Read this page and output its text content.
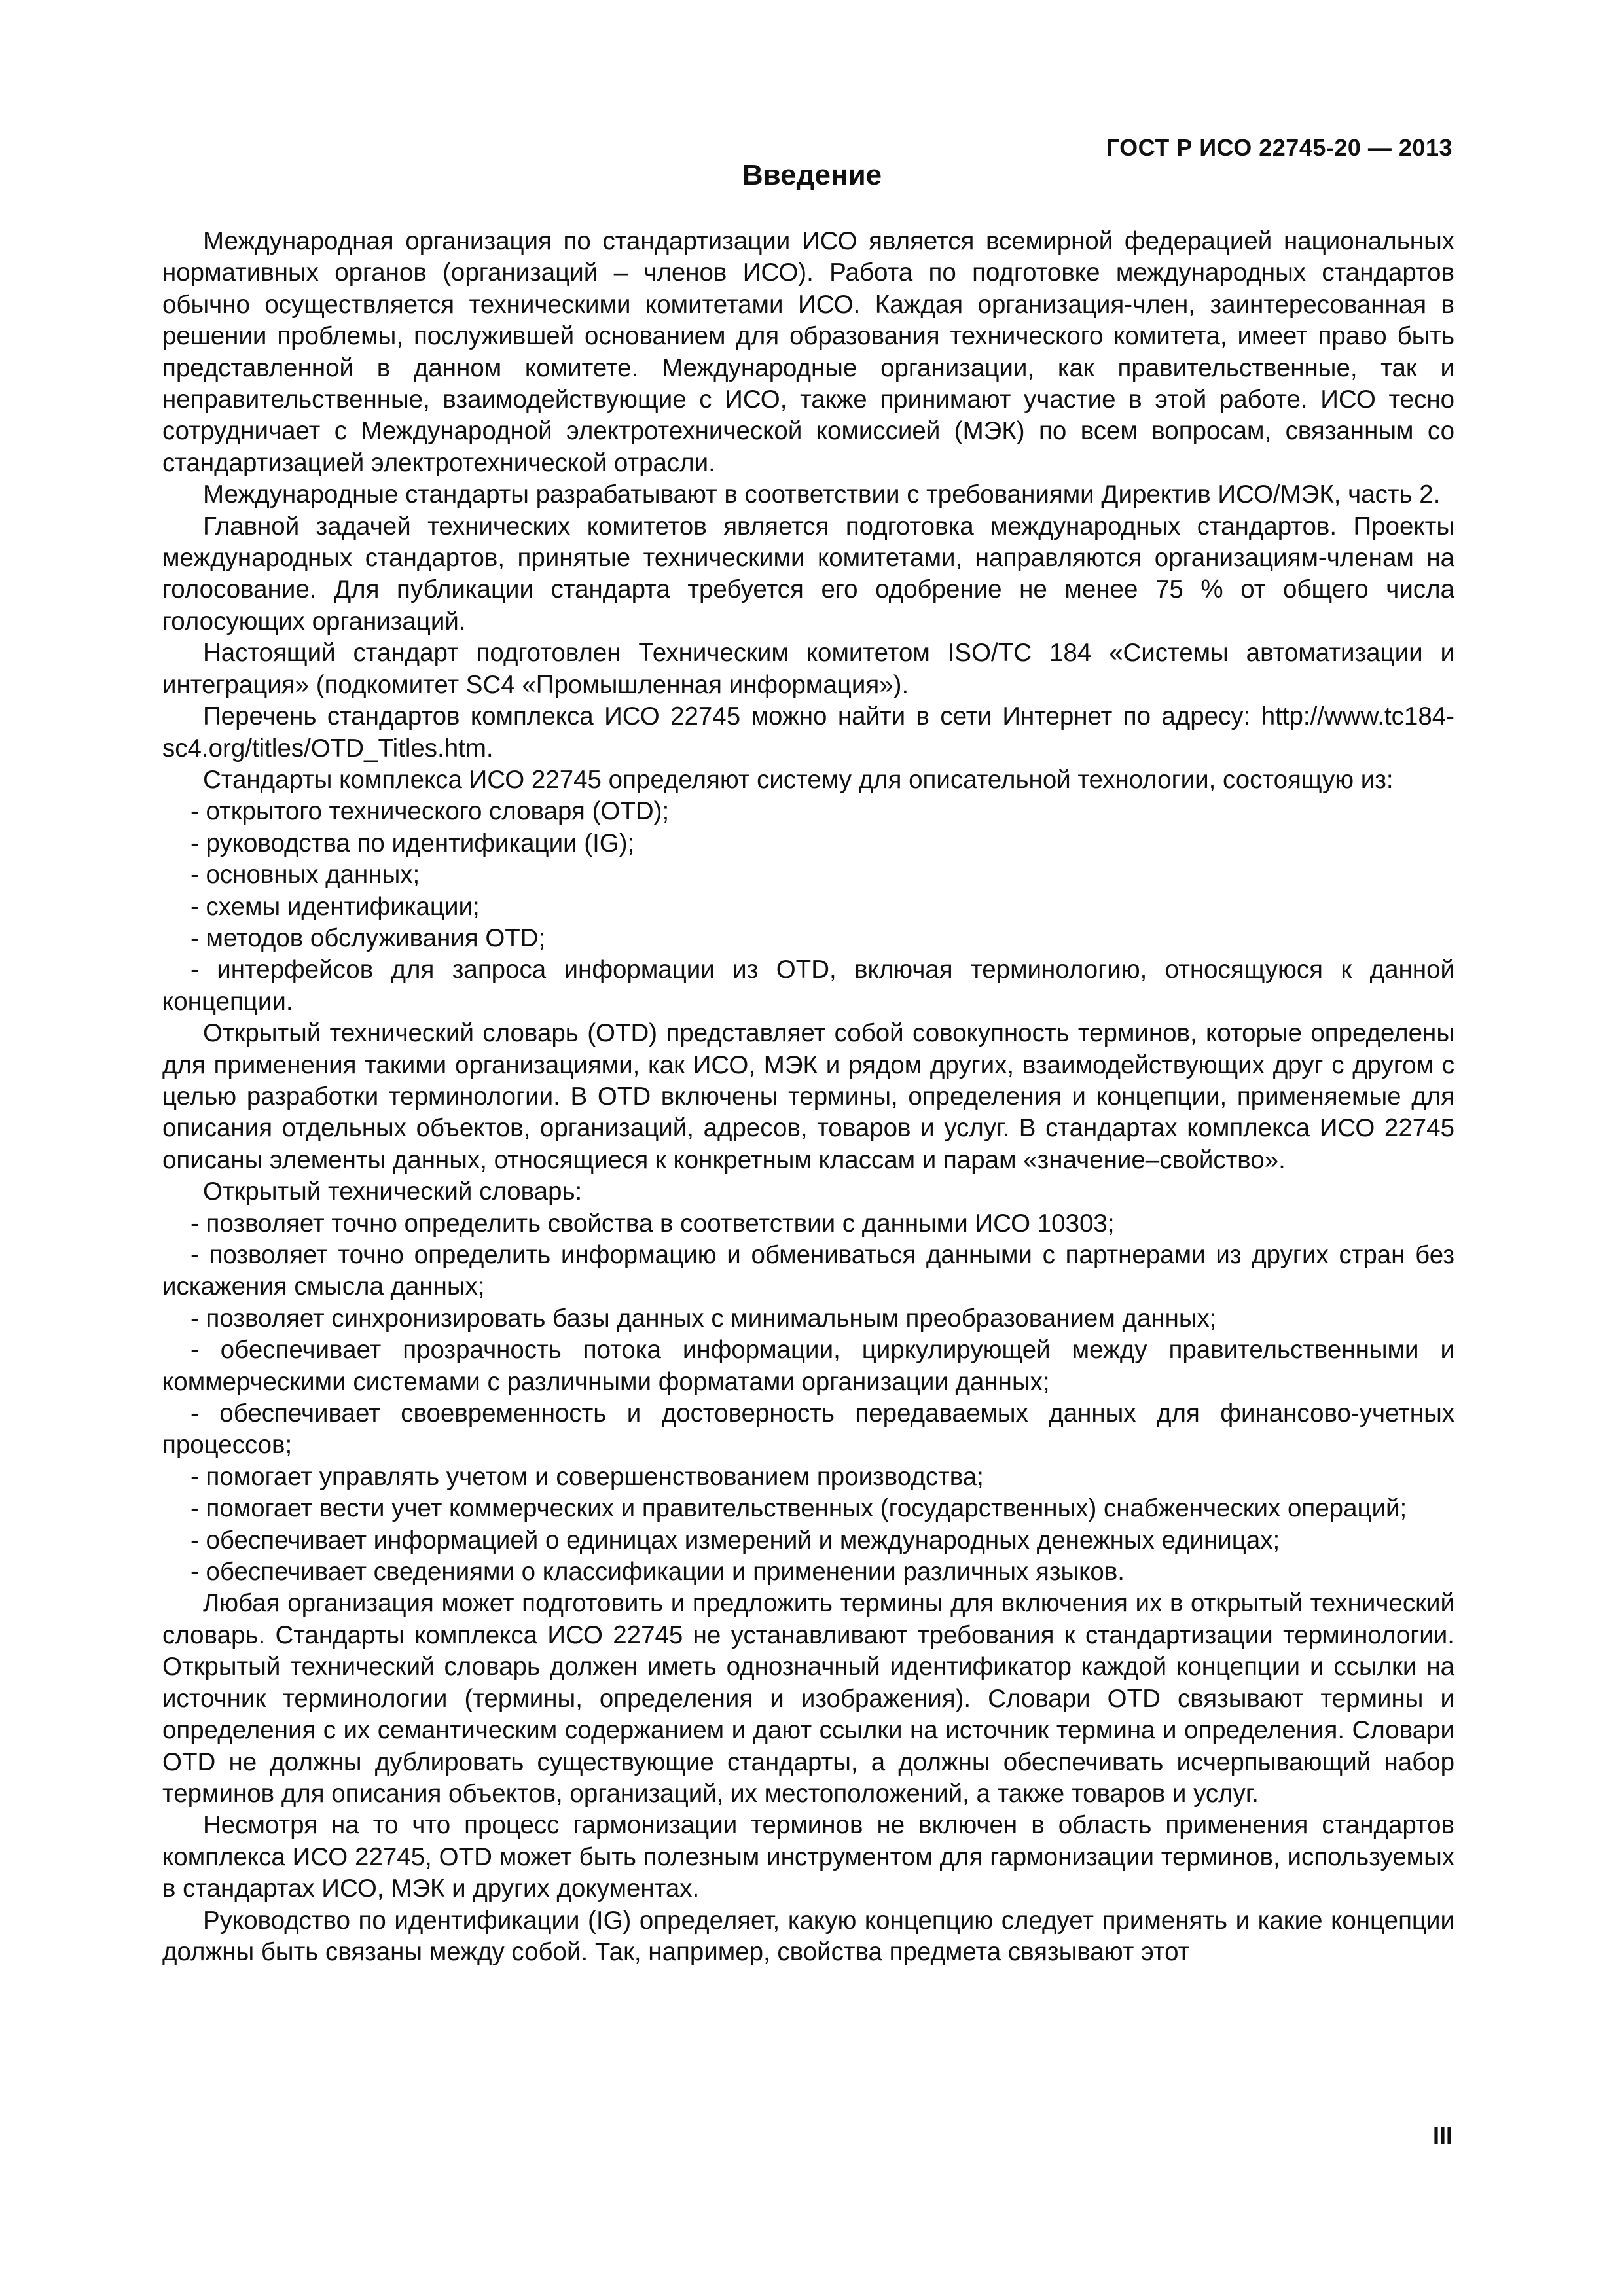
ГОСТ Р ИСО 22745-20 — 2013
Введение

Международная организация по стандартизации ИСО является всемирной федерацией национальных нормативных органов (организаций – членов ИСО). Работа по подготовке международных стандартов обычно осуществляется техническими комитетами ИСО. Каждая организация-член, заинтересованная в решении проблемы, послужившей основанием для образования технического комитета, имеет право быть представленной в данном комитете. Международные организации, как правительственные, так и неправительственные, взаимодействующие с ИСО, также принимают участие в этой работе. ИСО тесно сотрудничает с Международной электротехнической комиссией (МЭК) по всем вопросам, связанным со стандартизацией электротехнической отрасли.

Международные стандарты разрабатывают в соответствии с требованиями Директив ИСО/МЭК, часть 2.

Главной задачей технических комитетов является подготовка международных стандартов. Проекты международных стандартов, принятые техническими комитетами, направляются организациям-членам на голосование. Для публикации стандарта требуется его одобрение не менее 75 % от общего числа голосующих организаций.

Настоящий стандарт подготовлен Техническим комитетом ISO/TC 184 «Системы автоматизации и интеграция» (подкомитет SC4 «Промышленная информация»).

Перечень стандартов комплекса ИСО 22745 можно найти в сети Интернет по адресу: http://www.tc184-sc4.org/titles/OTD_Titles.htm.

Стандарты комплекса ИСО 22745 определяют систему для описательной технологии, состоящую из:

- открытого технического словаря (OTD);

- руководства по идентификации (IG);

- основных данных;

- схемы идентификации;

- методов обслуживания OTD;

- интерфейсов для запроса информации из OTD, включая терминологию, относящуюся к данной концепции.

Открытый технический словарь (OTD) представляет собой совокупность терминов, которые определены для применения такими организациями, как ИСО, МЭК и рядом других, взаимодействующих друг с другом с целью разработки терминологии. В OTD включены термины, определения и концепции, применяемые для описания отдельных объектов, организаций, адресов, товаров и услуг. В стандартах комплекса ИСО 22745 описаны элементы данных, относящиеся к конкретным классам и парам «значение–свойство».

Открытый технический словарь:

- позволяет точно определить свойства в соответствии с данными ИСО 10303;

- позволяет точно определить информацию и обмениваться данными с партнерами из других стран без искажения смысла данных;

- позволяет синхронизировать базы данных с минимальным преобразованием данных;

- обеспечивает прозрачность потока информации, циркулирующей между правительственными и коммерческими системами с различными форматами организации данных;

- обеспечивает своевременность и достоверность передаваемых данных для финансово-учетных процессов;

- помогает управлять учетом и совершенствованием производства;

- помогает вести учет коммерческих и правительственных (государственных) снабженческих операций;

- обеспечивает информацией о единицах измерений и международных денежных единицах;

- обеспечивает сведениями о классификации и применении различных языков.

Любая организация может подготовить и предложить термины для включения их в открытый технический словарь. Стандарты комплекса ИСО 22745 не устанавливают требования к стандартизации терминологии. Открытый технический словарь должен иметь однозначный идентификатор каждой концепции и ссылки на источник терминологии (термины, определения и изображения). Словари OTD связывают термины и определения с их семантическим содержанием и дают ссылки на источник термина и определения. Словари OTD не должны дублировать существующие стандарты, а должны обеспечивать исчерпывающий набор терминов для описания объектов, организаций, их местоположений, а также товаров и услуг.

Несмотря на то что процесс гармонизации терминов не включен в область применения стандартов комплекса ИСО 22745, OTD может быть полезным инструментом для гармонизации терминов, используемых в стандартах ИСО, МЭК и других документах.

Руководство по идентификации (IG) определяет, какую концепцию следует применять и какие концепции должны быть связаны между собой. Так, например, свойства предмета связывают этот

III
